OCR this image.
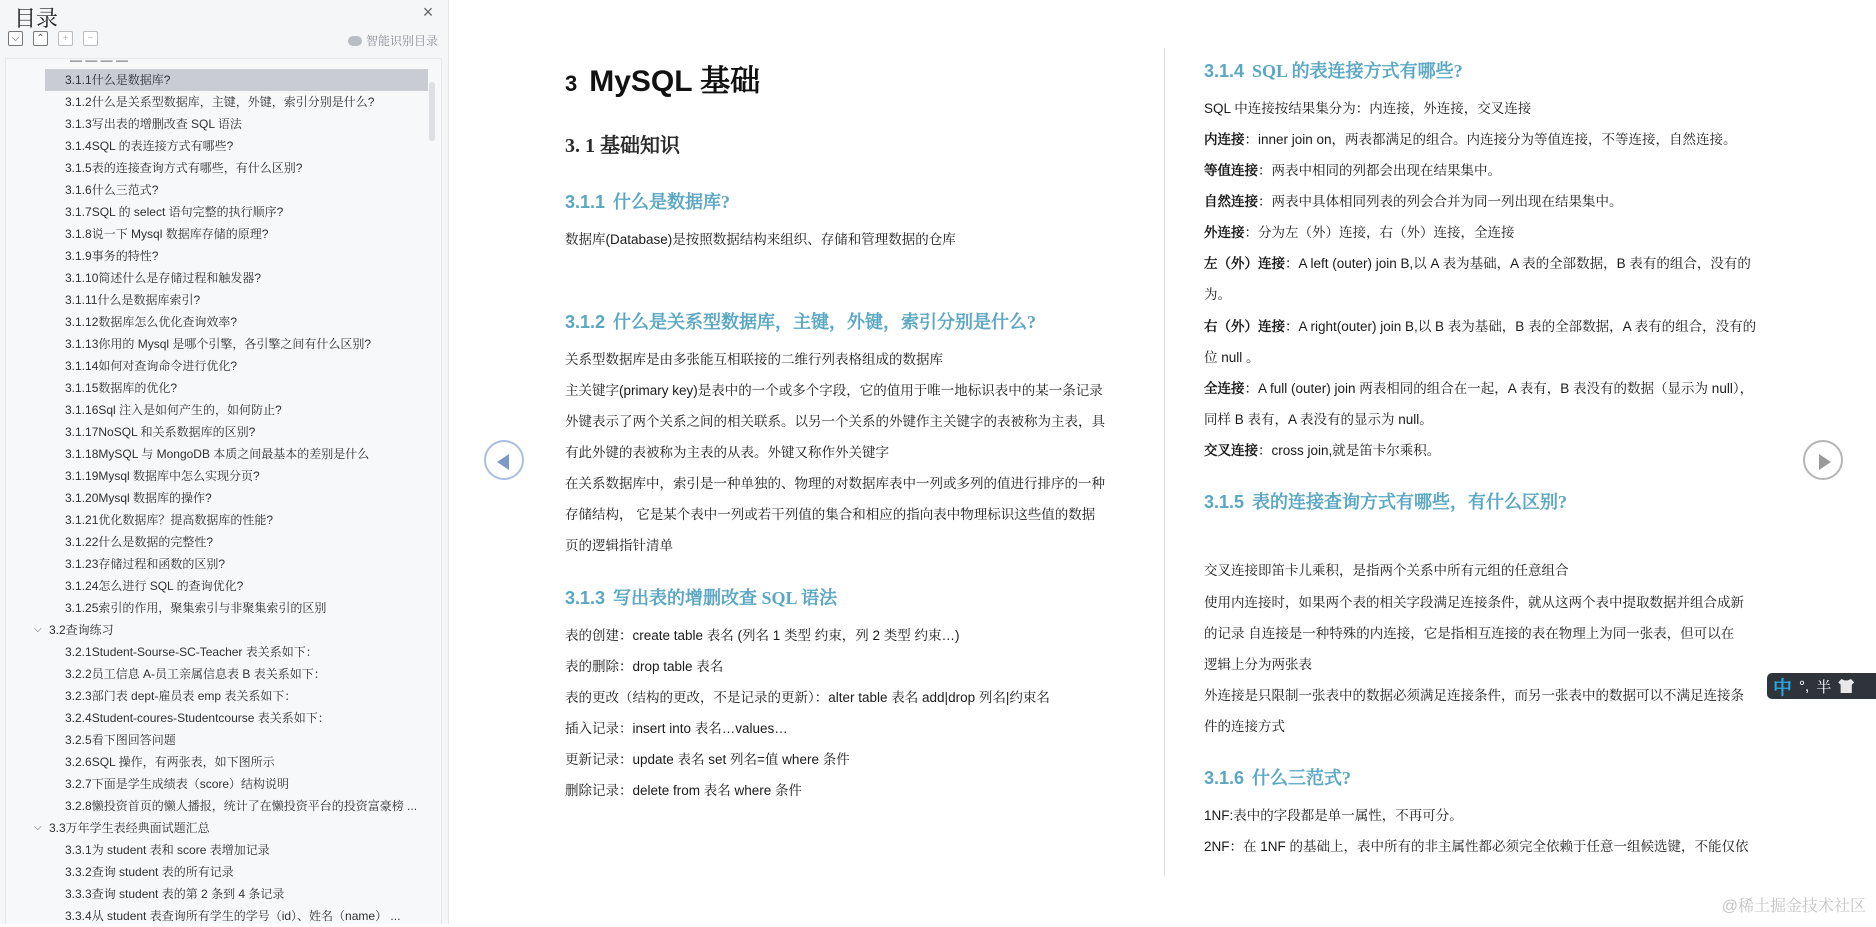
目录	×
⌵	⌃	+	−	智能识别目录
— — — —
3.1.1什么是数据库?
3.1.2什么是关系型数据库，主键，外键，索引分别是什么?
3.1.3写出表的增删改查 SQL 语法
3.1.4SQL 的表连接方式有哪些?
3.1.5表的连接查询方式有哪些，有什么区别?
3.1.6什么三范式?
3.1.7SQL 的 select 语句完整的执行顺序?
3.1.8说一下 Mysql 数据库存储的原理?
3.1.9事务的特性?
3.1.10简述什么是存储过程和触发器?
3.1.11什么是数据库索引?
3.1.12数据库怎么优化查询效率?
3.1.13你用的 Mysql 是哪个引擎，各引擎之间有什么区别?
3.1.14如何对查询命令进行优化?
3.1.15数据库的优化?
3.1.16Sql 注入是如何产生的，如何防止?
3.1.17NoSQL 和关系数据库的区别?
3.1.18MySQL 与 MongoDB 本质之间最基本的差别是什么
3.1.19Mysql 数据库中怎么实现分页?
3.1.20Mysql 数据库的操作?
3.1.21优化数据库？提高数据库的性能?
3.1.22什么是数据的完整性?
3.1.23存储过程和函数的区别?
3.1.24怎么进行 SQL 的查询优化?
3.1.25索引的作用，聚集索引与非聚集索引的区别
⌵ 3.2查询练习
3.2.1Student-Sourse-SC-Teacher 表关系如下：
3.2.2员工信息 A-员工亲属信息表 B 表关系如下：
3.2.3部门表 dept-雇员表 emp 表关系如下：
3.2.4Student-coures-Studentcourse 表关系如下：
3.2.5看下图回答问题
3.2.6SQL 操作，有两张表，如下图所示
3.2.7下面是学生成绩表（score）结构说明
3.2.8懒投资首页的懒人播报，统计了在懒投资平台的投资富豪榜 ...
⌵ 3.3万年学生表经典面试题汇总
3.3.1为 student 表和 score 表增加记录
3.3.2查询 student 表的所有记录
3.3.3查询 student 表的第 2 条到 4 条记录
3.3.4从 student 表查询所有学生的学号（id）、姓名（name） ...
3 MySQL 基础
3. 1 基础知识
3.1.1 什么是数据库?
数据库(Database)是按照数据结构来组织、存储和管理数据的仓库
3.1.2 什么是关系型数据库，主键，外键，索引分别是什么?
关系型数据库是由多张能互相联接的二维行列表格组成的数据库
主关键字(primary key)是表中的一个或多个字段，它的值用于唯一地标识表中的某一条记录
外键表示了两个关系之间的相关联系。以另一个关系的外键作主关键字的表被称为主表，具
有此外键的表被称为主表的从表。外键又称作外关键字
在关系数据库中，索引是一种单独的、物理的对数据库表中一列或多列的值进行排序的一种
存储结构， 它是某个表中一列或若干列值的集合和相应的指向表中物理标识这些值的数据
页的逻辑指针清单
3.1.3 写出表的增删改查 SQL 语法
表的创建：create table 表名 (列名 1 类型 约束，列 2 类型 约束…)
表的删除：drop table 表名
表的更改（结构的更改，不是记录的更新）：alter table 表名 add|drop 列名|约束名
插入记录：insert into 表名…values…
更新记录：update 表名 set 列名=值 where 条件
删除记录：delete from 表名 where 条件
3.1.4 SQL 的表连接方式有哪些?
SQL 中连接按结果集分为：内连接，外连接，交叉连接
内连接：inner join on，两表都满足的组合。内连接分为等值连接，不等连接，自然连接。
等值连接：两表中相同的列都会出现在结果集中。
自然连接：两表中具体相同列表的列会合并为同一列出现在结果集中。
外连接：分为左（外）连接，右（外）连接，全连接
左（外）连接：A left (outer) join B,以 A 表为基础，A 表的全部数据，B 表有的组合，没有的
为。
右（外）连接：A right(outer) join B,以 B 表为基础，B 表的全部数据，A 表有的组合，没有的
位 null 。
全连接：A full (outer) join 两表相同的组合在一起，A 表有，B 表没有的数据（显示为 null），
同样 B 表有，A 表没有的显示为 null。
交叉连接：cross join,就是笛卡尔乘积。
3.1.5 表的连接查询方式有哪些，有什么区别?
交叉连接即笛卡儿乘积，是指两个关系中所有元组的任意组合
使用内连接时，如果两个表的相关字段满足连接条件，就从这两个表中提取数据并组合成新
的记录 自连接是一种特殊的内连接，它是指相互连接的表在物理上为同一张表，但可以在
逻辑上分为两张表
外连接是只限制一张表中的数据必须满足连接条件，而另一张表中的数据可以不满足连接条
件的连接方式
3.1.6 什么三范式?
1NF:表中的字段都是单一属性，不再可分。
2NF：在 1NF 的基础上，表中所有的非主属性都必须完全依赖于任意一组候选键，不能仅依
中 °, 半
@稀土掘金技术社区
